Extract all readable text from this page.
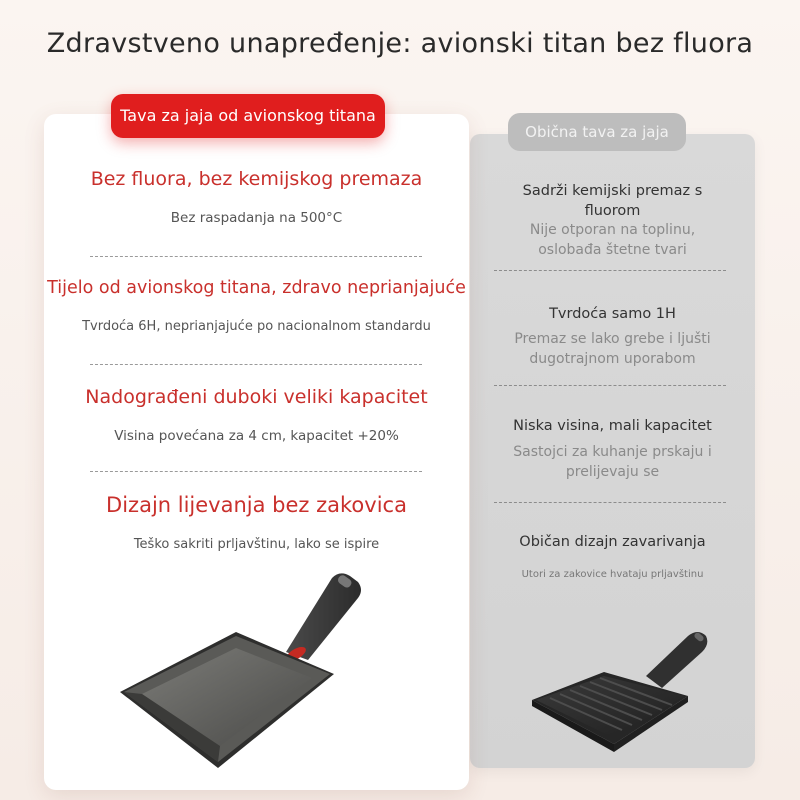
Zdravstveno unapređenje: avionski titan bez fluora
Obična tava za jaja
Sadrži kemijski premaz s
fluorom
Nije otporan na toplinu,
oslobađa štetne tvari
Tvrdoća samo 1H
Premaz se lako grebe i ljušti
dugotrajnom uporabom
Niska visina, mali kapacitet
Sastojci za kuhanje prskaju i
prelijevaju se
Običan dizajn zavarivanja
Utori za zakovice hvataju prljavštinu
Tava za jaja od avionskog titana
Bez fluora, bez kemijskog premaza
Bez raspadanja na 500°C
Tijelo od avionskog titana, zdravo neprianjajuće
Tvrdoća 6H, neprianjajuće po nacionalnom standardu
Nadograđeni duboki veliki kapacitet
Visina povećana za 4 cm, kapacitet +20%
Dizajn lijevanja bez zakovica
Teško sakriti prljavštinu, lako se ispire
